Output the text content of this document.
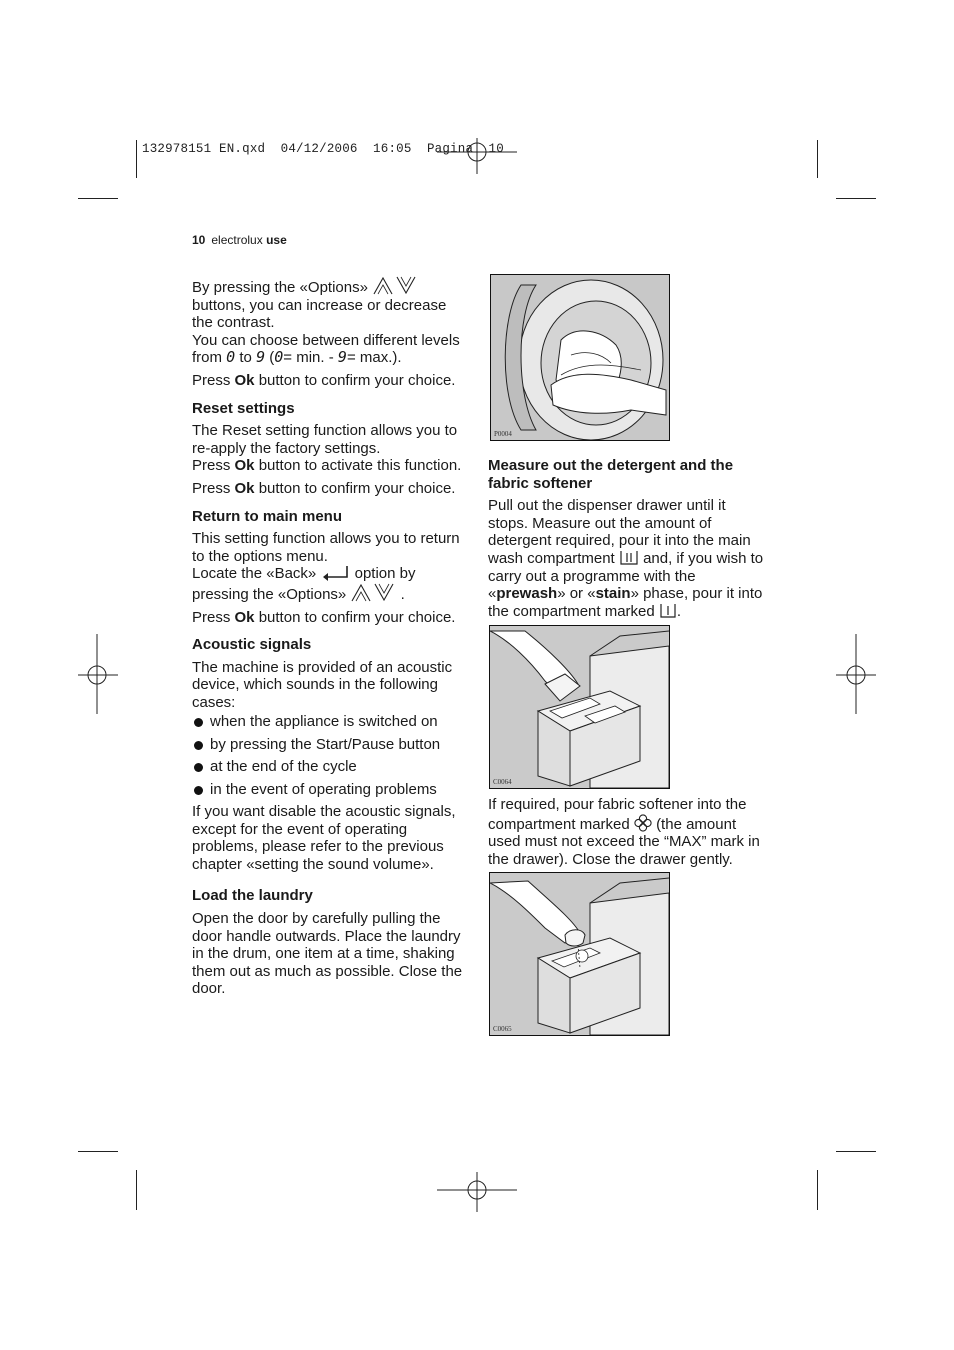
132978151 EN.qxd  04/12/2006  16:05  Pagina  10
10 electrolux use

By pressing the «Options»
buttons, you can increase or decrease the contrast.
You can choose between different levels
from 0 to 9 (0= min. - 9= max.).

Press Ok button to confirm your choice.

Reset settings

The Reset setting function allows you to re-apply the factory settings.

Press Ok button to activate this function.

Press Ok button to confirm your choice.

Return to main menu

This setting function allows you to return to the options menu.

Locate the «Back»	option by
pressing the «Options»	.

Press Ok button to confirm your choice.

Acoustic signals

The machine is provided of an acoustic device, which sounds in the following cases:

when the appliance is switched on
by pressing the Start/Pause button
at the end of the cycle
in the event of operating problems

If you want disable the acoustic signals, except for the event of operating problems, please refer to the previous chapter «setting the sound volume».

Load the laundry

Open the door by carefully pulling the door handle outwards. Place the laundry in the drum, one item at a time, shaking them out as much as possible. Close the door.

P0004
Measure out the detergent and the fabric softener

Pull out the dispenser drawer until it stops. Measure out the amount of detergent required, pour it into the main wash compartment and, if you wish to carry out a programme with the «prewash» or «stain» phase, pour it into the compartment marked .

C0064

If required, pour fabric softener into the compartment marked (the amount used must not exceed the “MAX” mark in the drawer). Close the drawer gently.

C0065
